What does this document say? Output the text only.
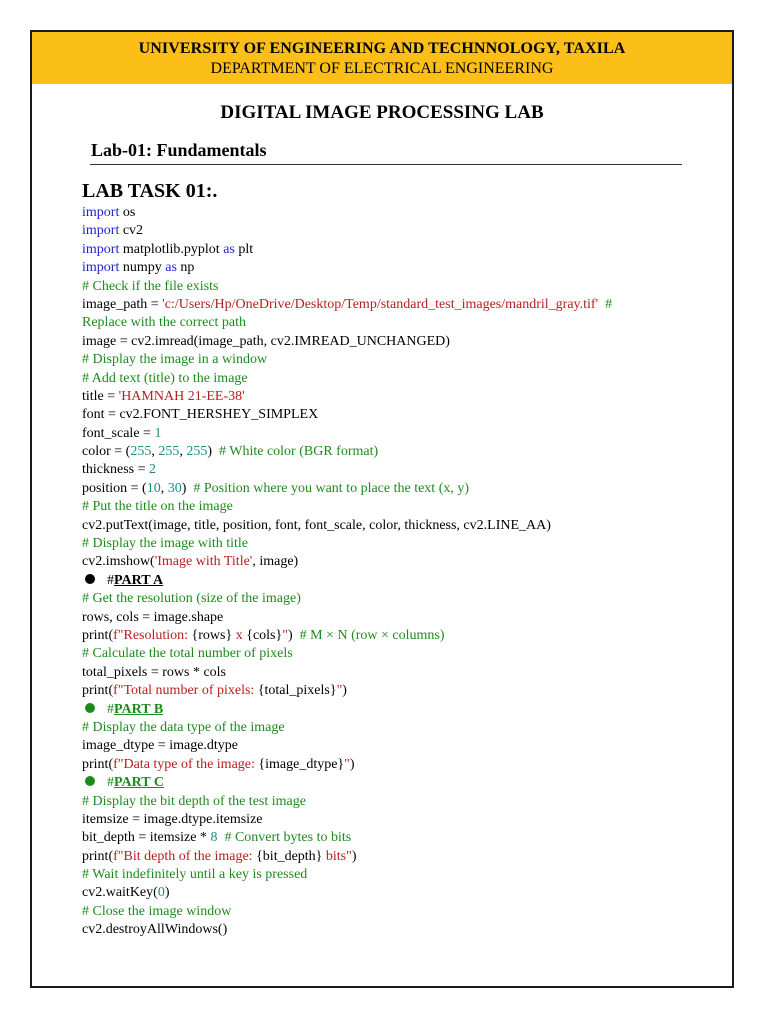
UNIVERSITY OF ENGINEERING AND TECHNNOLOGY, TAXILA
DEPARTMENT OF ELECTRICAL ENGINEERING
DIGITAL IMAGE PROCESSING LAB
Lab-01: Fundamentals
LAB TASK 01:.
import os
import cv2
import matplotlib.pyplot as plt
import numpy as np
# Check if the file exists
image_path = 'c:/Users/Hp/OneDrive/Desktop/Temp/standard_test_images/mandril_gray.tif'  #
Replace with the correct path
image = cv2.imread(image_path, cv2.IMREAD_UNCHANGED)
# Display the image in a window
# Add text (title) to the image
title = 'HAMNAH 21-EE-38'
font = cv2.FONT_HERSHEY_SIMPLEX
font_scale = 1
color = (255, 255, 255)  # White color (BGR format)
thickness = 2
position = (10, 30)  # Position where you want to place the text (x, y)
# Put the title on the image
cv2.putText(image, title, position, font, font_scale, color, thickness, cv2.LINE_AA)
# Display the image with title
cv2.imshow('Image with Title', image)
#PART A
# Get the resolution (size of the image)
rows, cols = image.shape
print(f"Resolution: {rows} x {cols}")  # M × N (row × columns)
# Calculate the total number of pixels
total_pixels = rows * cols
print(f"Total number of pixels: {total_pixels}")
#PART B
# Display the data type of the image
image_dtype = image.dtype
print(f"Data type of the image: {image_dtype}")
#PART C
# Display the bit depth of the test image
itemsize = image.dtype.itemsize
bit_depth = itemsize * 8 # Convert bytes to bits
print(f"Bit depth of the image: {bit_depth} bits")
# Wait indefinitely until a key is pressed
cv2.waitKey(0)
# Close the image window
cv2.destroyAllWindows()
